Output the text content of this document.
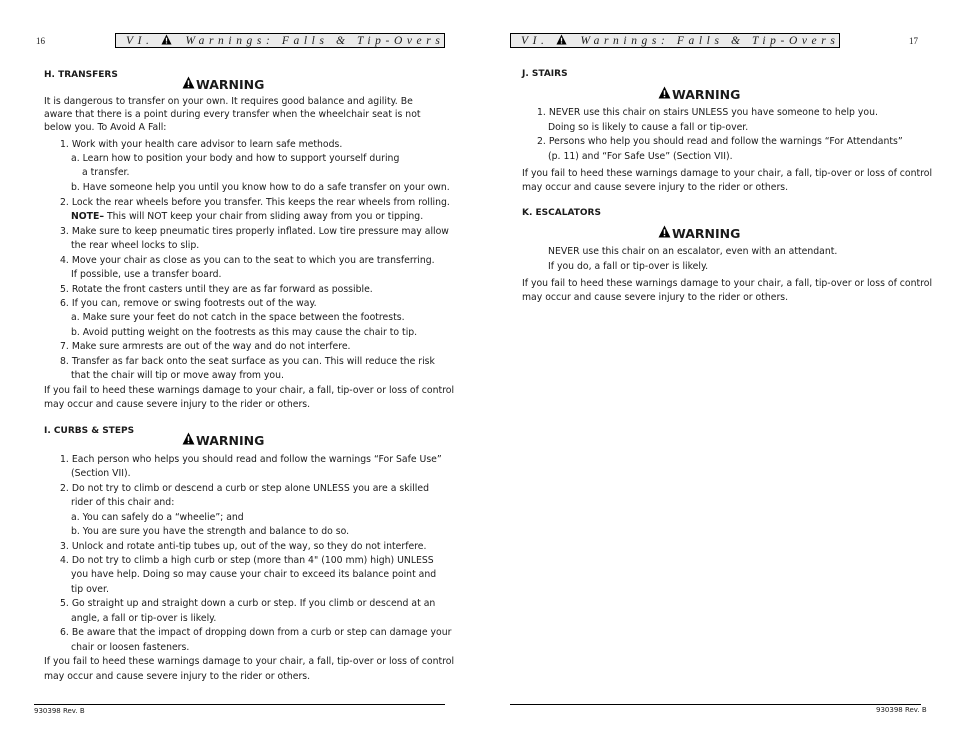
16	VI.	Warnings: Falls & Tip-Overs
H. TRANSFERS
WARNING
It is dangerous to transfer on your own. It requires good balance and agility. Be
aware that there is a point during every transfer when the wheelchair seat is not
below you. To Avoid A Fall:
1. Work with your health care advisor to learn safe methods.
a. Learn how to position your body and how to support yourself during
a transfer.
b. Have someone help you until you know how to do a safe transfer on your own.
2. Lock the rear wheels before you transfer. This keeps the rear wheels from rolling.
NOTE– This will NOT keep your chair from sliding away from you or tipping.
3. Make sure to keep pneumatic tires properly inflated. Low tire pressure may allow
the rear wheel locks to slip.
4. Move your chair as close as you can to the seat to which you are transferring.
If possible, use a transfer board.
5. Rotate the front casters until they are as far forward as possible.
6. If you can, remove or swing footrests out of the way.
a. Make sure your feet do not catch in the space between the footrests.
b. Avoid putting weight on the footrests as this may cause the chair to tip.
7. Make sure armrests are out of the way and do not interfere.
8. Transfer as far back onto the seat surface as you can. This will reduce the risk
that the chair will tip or move away from you.
If you fail to heed these warnings damage to your chair, a fall, tip-over or loss of control
may occur and cause severe injury to the rider or others.
I. CURBS & STEPS
WARNING
1. Each person who helps you should read and follow the warnings “For Safe Use”
(Section VII).
2. Do not try to climb or descend a curb or step alone UNLESS you are a skilled
rider of this chair and:
a. You can safely do a “wheelie”; and
b. You are sure you have the strength and balance to do so.
3. Unlock and rotate anti-tip tubes up, out of the way, so they do not interfere.
4. Do not try to climb a high curb or step (more than 4" (100 mm) high) UNLESS
you have help. Doing so may cause your chair to exceed its balance point and
tip over.
5. Go straight up and straight down a curb or step. If you climb or descend at an
angle, a fall or tip-over is likely.
6. Be aware that the impact of dropping down from a curb or step can damage your
chair or loosen fasteners.
If you fail to heed these warnings damage to your chair, a fall, tip-over or loss of control
may occur and cause severe injury to the rider or others.
930398 Rev. B
VI.	Warnings: Falls & Tip-Overs	17
J. STAIRS
WARNING
1. NEVER use this chair on stairs UNLESS you have someone to help you.
Doing so is likely to cause a fall or tip-over.
2. Persons who help you should read and follow the warnings “For Attendants”
(p. 11) and “For Safe Use” (Section VII).
If you fail to heed these warnings damage to your chair, a fall, tip-over or loss of control
may occur and cause severe injury to the rider or others.
K. ESCALATORS
WARNING
NEVER use this chair on an escalator, even with an attendant.
If you do, a fall or tip-over is likely.
If you fail to heed these warnings damage to your chair, a fall, tip-over or loss of control
may occur and cause severe injury to the rider or others.
930398 Rev. B
